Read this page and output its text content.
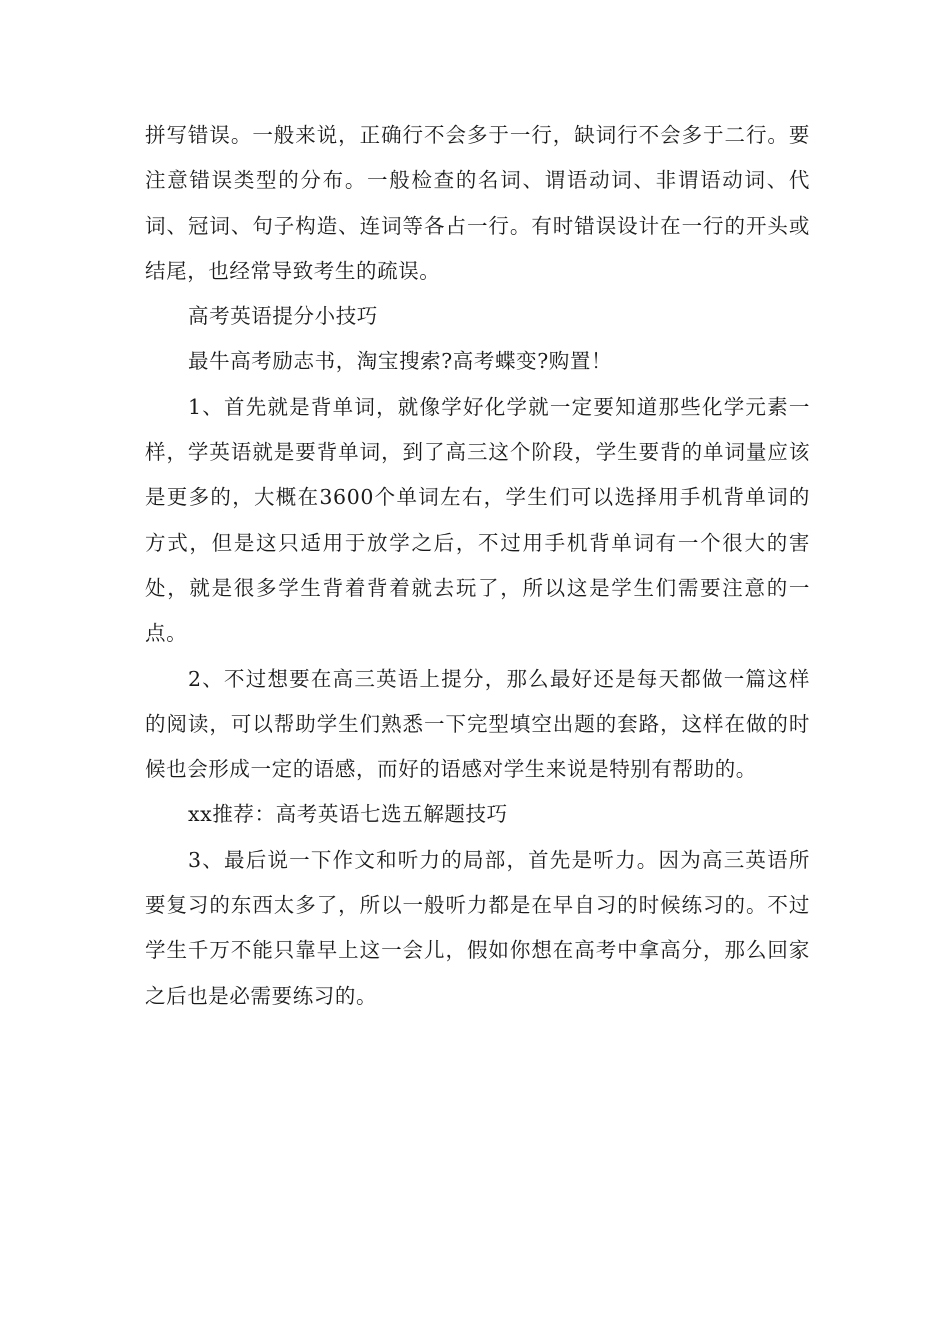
拼写错误。一般来说，正确行不会多于一行，缺词行不会多于二行。要注意错误类型的分布。一般检查的名词、谓语动词、非谓语动词、代词、冠词、句子构造、连词等各占一行。有时错误设计在一行的开头或结尾，也经常导致考生的疏误。

高考英语提分小技巧

最牛高考励志书，淘宝搜索?高考蝶变?购置！

1、首先就是背单词，就像学好化学就一定要知道那些化学元素一样，学英语就是要背单词，到了高三这个阶段，学生要背的单词量应该是更多的，大概在3600个单词左右，学生们可以选择用手机背单词的方式，但是这只适用于放学之后，不过用手机背单词有一个很大的害处，就是很多学生背着背着就去玩了，所以这是学生们需要注意的一点。

2、不过想要在高三英语上提分，那么最好还是每天都做一篇这样的阅读，可以帮助学生们熟悉一下完型填空出题的套路，这样在做的时候也会形成一定的语感，而好的语感对学生来说是特别有帮助的。

xx推荐：高考英语七选五解题技巧

3、最后说一下作文和听力的局部，首先是听力。因为高三英语所要复习的东西太多了，所以一般听力都是在早自习的时候练习的。不过学生千万不能只靠早上这一会儿，假如你想在高考中拿高分，那么回家之后也是必需要练习的。
